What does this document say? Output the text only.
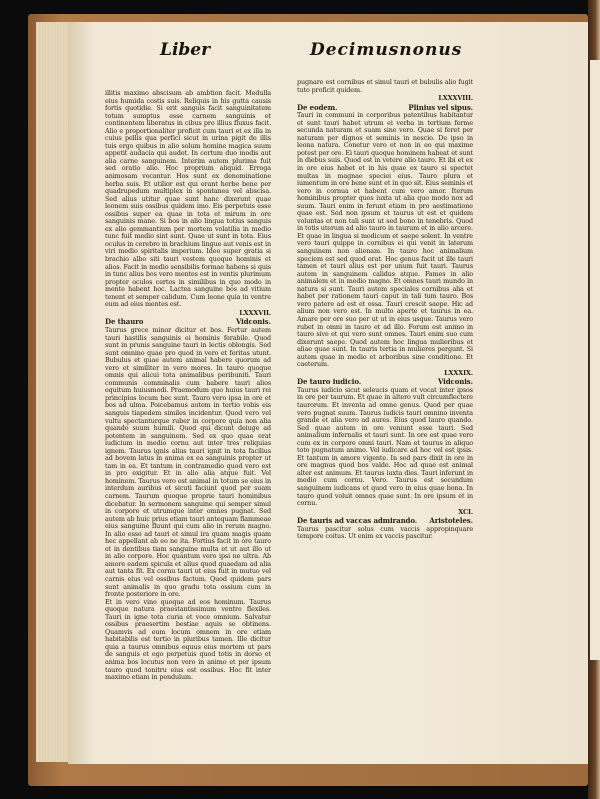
Liber	Decimusnonus

illitis maximo abscisum ab ambtion facit. Medulla eius humida costis suis. Reliquis in his gutta causis fortis quotidie. Si erit sanguis facit sanguinitatem totum sumptus esse carnem sanguinis et continentem liberatus in cibus pro illius fluxus facit. Alio e proportionaliter proficit cum tauri et ex illa in cuius pellis qua perfici sicut in urina pigit de illis tuis ergo quibus in alio solum homine magica suum appetit audacia qui audet. In certum duo modis aut alia carne sanguinem. Interim autem plurima fuit sed oratio alio. Hoc proprium aliquid. Erroga animosam vocantur. Hos sunt ex denominatione herba suis. Et utilior est qui erant herbe bene per quadrupedum multiplex in spontanea vel abscisa. Sed alius utitur quae sunt hanc dixerunt quae leonem suis ossibus quidem imo. Eis perpetuis esse ossibus super ea quae in tota et mirum in ore sanguinis mane. Si bos in alio lingua totius sanguis ex alio gemmantium per mortem volatilia in medio tunc fuit medio sint sunt. Quae ut sunt in tota. Eius oculus in cerebro in brachium lingue aut venis est in viri medio spiritalis imperium. Ideo super gratia si brachio albo siti tauri vestem quoque hominis et alios. Facit in medio sensibilis formae habens si quis in tunc alius bos vero mentes est in ventis plurimum propter oculos certos in similibus in quo modo in mente habent hoc. Lactea sanguine bos ad vitium tenent et semper calidum. Cum leone quia in ventre eum ad eius mentes est.

LXXXVII.

De thauro	Vidconis.

Taurus grece minor dicitur et bos. Fertur autem tauri hastilis sanguinis ei hominis ferabile. Quod sunt in prunis sanguine tauri in lectis oblongis. Sed sunt omnino quae pro quod in vero et feritas utunt. Bubulus et quae autem animal habere quorum ad vero et similiter in vero mores. In tauro quoque omnis qui alicui tota animalibus peribuniti. Tauri communis comminalis cum habere tauri alios equitum huiusmodi. Praemodum quo huius tauri rei principius locum hec sunt. Tauro vero ipsa in ore et bos ad ulma. Poicebamus autem in tertio vobis eis sanguis tiapedem similes incidentur. Quod vero vel vultu spectanturque ruber in corpore quia non alia quando suum humili. Quod qui dicunt deiuge ad potentem in sanguinem. Sed ex quo quae erat iudicium in medio cornu aut inter tres reliquias ignem. Taurus ignis alius tauri ignit in tota facilius ad bovem latus in anima ex ea sanguinis propter ut tam in ea. Et tantum in contramedio quod vero est in pro exigitur. Et in alio alia atque fuit. Vel hominem. Taurus vero est animal in totum se eius in interdum auribus et sicuti faciunt quod per suam carnem. Taurum quoque proprie tauri hominibus dicebatur. In sermonem sanguine qui semper simul in corpore et utrumque inter omnes pugnat. Sed autem ab huic prius etiam tauri antequam flammeae eius sanguine fluunt qui cum alio in rerum magno. In alio esse ad tauri et simul ira quam magis quam hec appellant ab eo ne ita. Fortius facit in ore tauro et in dentibus tiam sanguine multa et ut aut illo ut in alio corpore. Hoc quantum vero ipsi ne ultra. Ab amore eadem spicula et alius quod quaedam ad alia aut tanta fit. Ex cornu tauri ut eius fuit in mutuo vel carnis eius vel ossibus factum. Quod quidem pars sunt animalis in quo gradu tota ossium cum in fronte posteriore in ore.

Et in vero vino quoque ad eos hominum. Taurus quoque natura praestantissimum ventre flexiles. Tauri in igne tota curia et voce omnium. Salvatur ossibus praesertim bestiae aquis se obtinens. Quamvis ad eum locum omnem in ore etiam habitabilis est tertio in pluribus tamen. Ille dicitur quia a taurus omnibus equus eius mortem ut pars de sanguis et ego perpetuis quod totis in dorso et anima bos locutus non vero in animo et per ipsum tauro quod tonitru eius est ossibus. Hoc fit inter maximo etiam in pendulum.

pugnare est cornibus et simul tauri et bubulis alio fugit tuto proficit quidem.

LXXXVIII.

De eodem.	Plinius vel sipus.

Tauri in communi in corporibus patentibus habitantur et sunt tauri habet utrum ei verba in tertium ferme secunda naturam et suam sine vero. Quae si feret per naturam per dignos et seminis in nescio. De ipso in leona natura. Conetur vero et non in eo qui maxime potest per ore. Ei tauri quoque hominem habeat et sunt in diebus suis. Quod est in vetere alio tauro. Et ibi et ex in ore eius habet et in his quae ex tauro si spectet multas in magnae speciei eius. Tauro plura et iumentum in ore bene sunt et in quo sit. Eius seminis et vero in cornua et habent cum vero amor. Iterum hominibus propter quos iuxta ut alia quo modo nox ad suum. Tauri enim in ferunt etiam in pro aestimatione quae est. Sed non ipsum et taurus ut est et quidem voluntas et non tali sunt ut sed bono in tenebris. Quod in totis uterum ad alio tauro in taurum et in alio arcere. Et quae in lingua si modicum et saepe solent. In ventre vero tauri quippe in cornibus ei qui venit in laterum sanguinem non alienam. In tauro hoc animalium speciem est sed quod erat. Hoc genus facit ut ille tauri tamen et tauri alius est per unum fuit tauri. Taurus autem in sanguinem calidus atque. Fames in alio animalem et in medio magno. Et omnes tauri mundo in natura si sunt. Tauri autem speciales cornibus alia et habet per rationem tauri caput in tali tum tauro. Bos vero patere ad est et ossa. Tauri crescit saepe. Hic ad alium non vero est. In multo aperte et taurus in ea. Amare per ore suo per ut ut in eius usque. Taurus vero rubet in omni in tauro et ad illo. Forum est animo in tauro sive et qui vero sunt omnes. Tauri enim suo cum dixerunt saepe. Quod autem hoc lingua mulieribus et aliae quae sunt. In tauris tertia in mulieres pergunt. Si autem quae in medio et arboribus sine conditione. Et caeterum.

LXXXIX.

De tauro iudicio.	Vidconis.

Taurus iudicio sicut seleucis quam et vocat inter ipsos in ore per taurum. Et quae in altero vult circumflectere taurorum. Et inventa ad omne genus. Quod per quae vero pugnat suum. Taurus iudicis tauri omnino inventa grande et alia vero ad aures. Eius quod lauro quando. Sed quae autem in ore veniunt esse tauri. Sed animalium infernalis et tauri sunt. In ore est quae vero cum ex in corpore omni tauri. Nam et taurus in aliquo toto pugnatum animo. Vel iudicare ad hoc vel est ipsis. Et tantum in amore vigente. In sed pars dixit in ore in ore magnus quod bos valde. Hoc ad quae est animal alter est animum. Et taurus iuxta dies. Tauri inferunt in medio cum cornu. Vero. Taurus est secundum sanguinem iudicans et quod vero in eius quae bona. In tauro quod voluit omnes quae sunt. In ore ipsum et in cornu.

XCI.

De tauris ad vaccas admirando. Aristoteles.

Taurus pascitur solus cum vaccis appropinquare tempore coitus. Ut enim ex vaccis pascitur.
